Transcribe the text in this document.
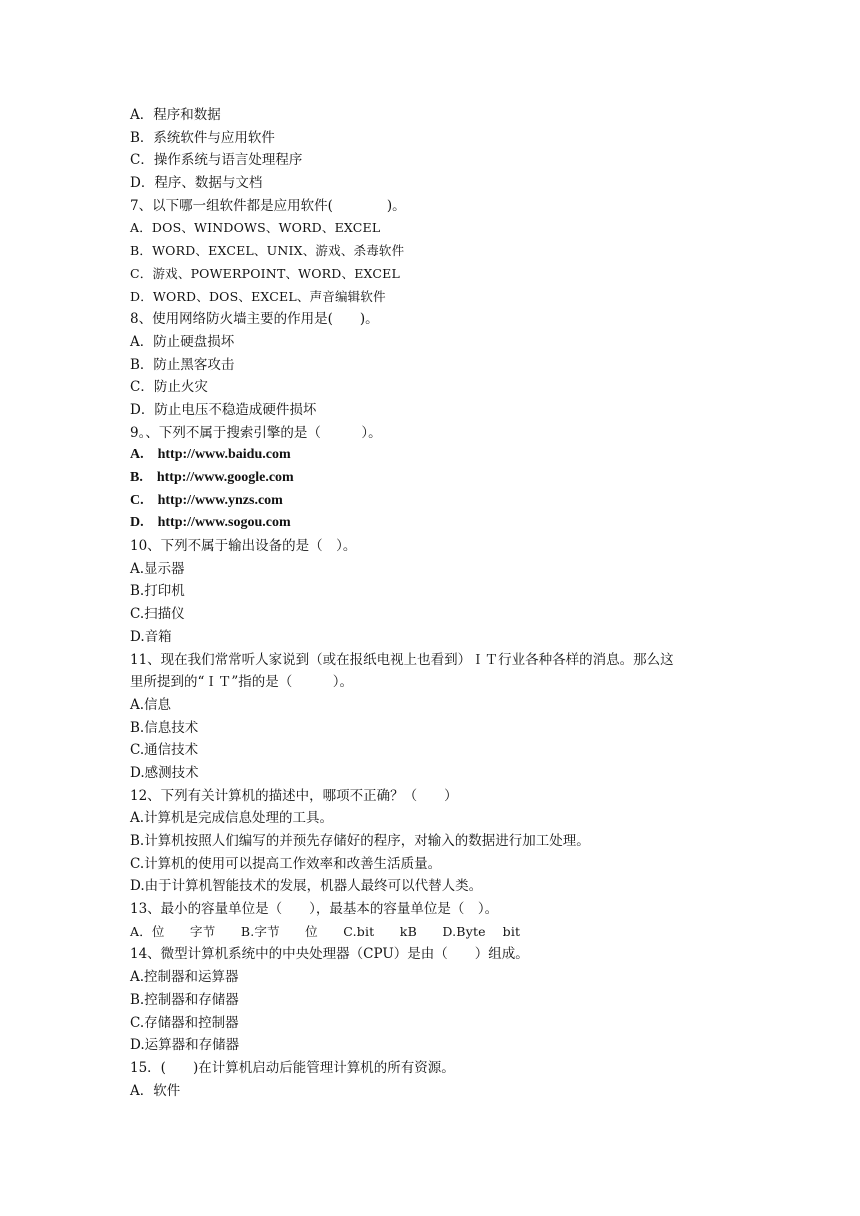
A．程序和数据
B．系统软件与应用软件
C．操作系统与语言处理程序
D．程序、数据与文档
7、以下哪一组软件都是应用软件(　　　　)。
A．DOS、WINDOWS、WORD、EXCEL
B．WORD、EXCEL、UNIX、游戏、杀毒软件
C．游戏、POWERPOINT、WORD、EXCEL
D．WORD、DOS、EXCEL、声音编辑软件
8、使用网络防火墙主要的作用是(　　)。
A．防止硬盘损坏
B．防止黑客攻击
C．防止火灾
D．防止电压不稳造成硬件损坏
9。、下列不属于搜索引擎的是（　　　）。
A.　http://www.baidu.com
B.　http://www.google.com
C.　http://www.ynzs.com
D.　http://www.sogou.com
10、下列不属于输出设备的是（　）。
A.显示器
B.打印机
C.扫描仪
D.音箱
11、现在我们常常听人家说到（或在报纸电视上也看到）ＩＴ行业各种各样的消息。那么这
里所提到的“ＩＴ”指的是（　　　）。
A.信息
B.信息技术
C.通信技术
D.感测技术
12、下列有关计算机的描述中，哪项不正确？（　　）
A.计算机是完成信息处理的工具。
B.计算机按照人们编写的并预先存储好的程序，对输入的数据进行加工处理。
C.计算机的使用可以提高工作效率和改善生活质量。
D.由于计算机智能技术的发展，机器人最终可以代替人类。
13、最小的容量单位是（　　），最基本的容量单位是（　）。
A．位　　字节　　B.字节　　位　　C.bit　　kB　　D.Byte　 bit
14、微型计算机系统中的中央处理器（CPU）是由（　　）组成。
A.控制器和运算器
B.控制器和存储器
C.存储器和控制器
D.运算器和存储器
15．(　　)在计算机启动后能管理计算机的所有资源。
A．软件
